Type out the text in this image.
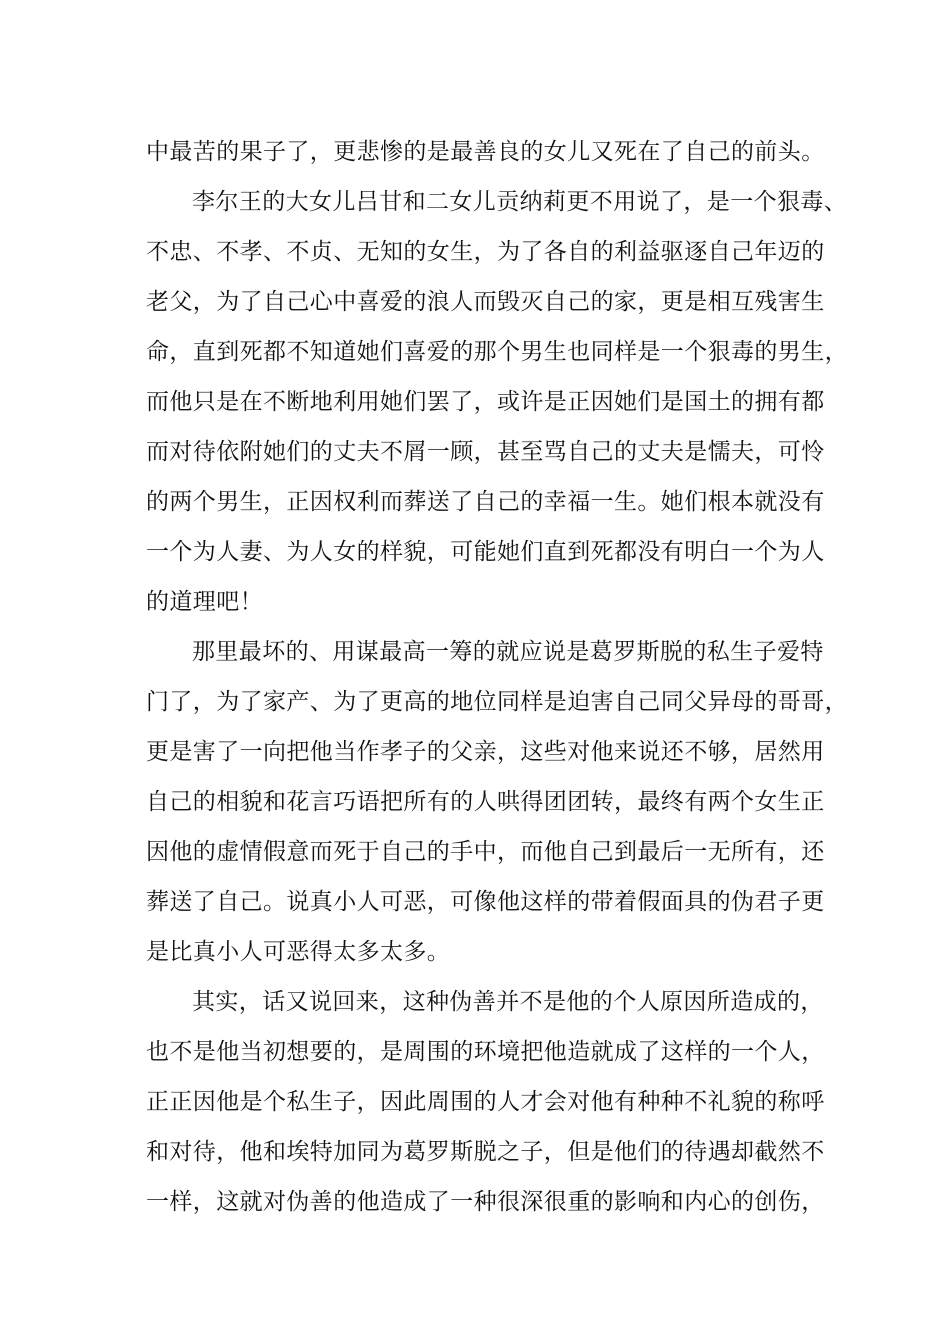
中最苦的果子了，更悲惨的是最善良的女儿又死在了自己的前头。
李尔王的大女儿吕甘和二女儿贡纳莉更不用说了，是一个狠毒、
不忠、不孝、不贞、无知的女生，为了各自的利益驱逐自己年迈的
老父，为了自己心中喜爱的浪人而毁灭自己的家，更是相互残害生
命，直到死都不知道她们喜爱的那个男生也同样是一个狠毒的男生，
而他只是在不断地利用她们罢了，或许是正因她们是国土的拥有都
而对待依附她们的丈夫不屑一顾，甚至骂自己的丈夫是懦夫，可怜
的两个男生，正因权利而葬送了自己的幸福一生。她们根本就没有
一个为人妻、为人女的样貌，可能她们直到死都没有明白一个为人
的道理吧！
那里最坏的、用谋最高一筹的就应说是葛罗斯脱的私生子爱特
门了，为了家产、为了更高的地位同样是迫害自己同父异母的哥哥，
更是害了一向把他当作孝子的父亲，这些对他来说还不够，居然用
自己的相貌和花言巧语把所有的人哄得团团转，最终有两个女生正
因他的虚情假意而死于自己的手中，而他自己到最后一无所有，还
葬送了自己。说真小人可恶，可像他这样的带着假面具的伪君子更
是比真小人可恶得太多太多。
其实，话又说回来，这种伪善并不是他的个人原因所造成的，
也不是他当初想要的，是周围的环境把他造就成了这样的一个人，
正正因他是个私生子，因此周围的人才会对他有种种不礼貌的称呼
和对待，他和埃特加同为葛罗斯脱之子，但是他们的待遇却截然不
一样，这就对伪善的他造成了一种很深很重的影响和内心的创伤，
